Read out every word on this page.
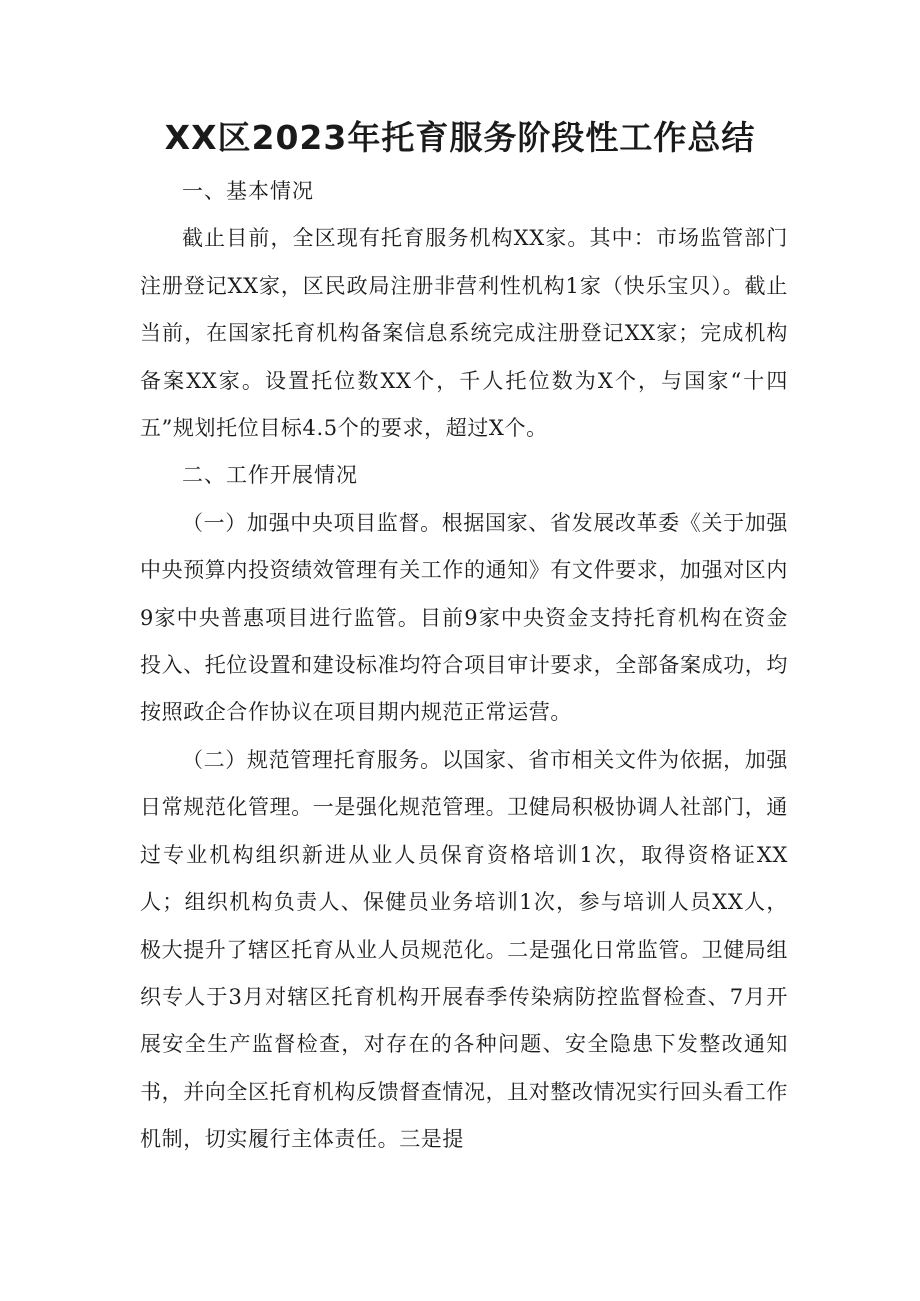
XX区2023年托育服务阶段性工作总结

一、基本情况

截止目前，全区现有托育服务机构XX家。其中：市场监管部门注册登记XX家，区民政局注册非营利性机构1家（快乐宝贝）。截止当前，在国家托育机构备案信息系统完成注册登记XX家；完成机构备案XX家。设置托位数XX个，千人托位数为X个，与国家“十四五”规划托位目标4.5个的要求，超过X个。

二、工作开展情况

（一）加强中央项目监督。根据国家、省发展改革委《关于加强中央预算内投资绩效管理有关工作的通知》有文件要求，加强对区内9家中央普惠项目进行监管。目前9家中央资金支持托育机构在资金投入、托位设置和建设标准均符合项目审计要求，全部备案成功，均按照政企合作协议在项目期内规范正常运营。

（二）规范管理托育服务。以国家、省市相关文件为依据，加强日常规范化管理。一是强化规范管理。卫健局积极协调人社部门，通过专业机构组织新进从业人员保育资格培训1次，取得资格证XX人；组织机构负责人、保健员业务培训1次，参与培训人员XX人，极大提升了辖区托育从业人员规范化。二是强化日常监管。卫健局组织专人于3月对辖区托育机构开展春季传染病防控监督检查、7月开展安全生产监督检查，对存在的各种问题、安全隐患下发整改通知书，并向全区托育机构反馈督查情况，且对整改情况实行回头看工作机制，切实履行主体责任。三是提
